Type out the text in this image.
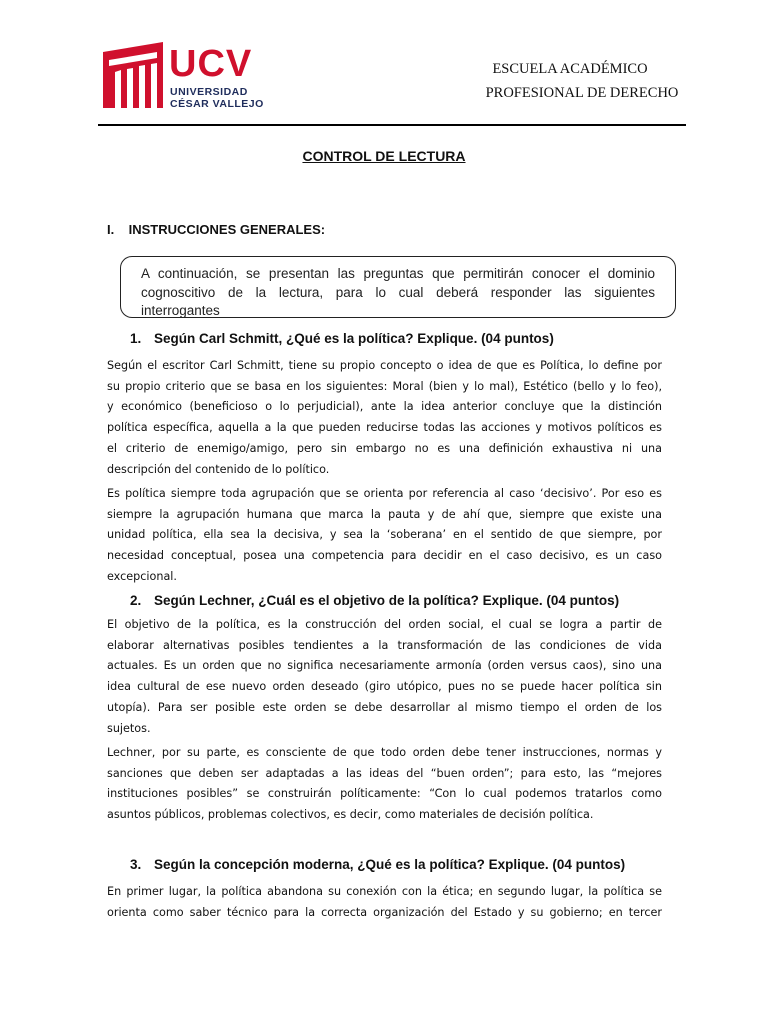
UCV
UNIVERSIDAD
CÉSAR VALLEJO
ESCUELA ACADÉMICO
PROFESIONAL DE DERECHO
CONTROL DE LECTURA
I. INSTRUCCIONES GENERALES:

A continuación, se presentan las preguntas que permitirán conocer el dominio

cognoscitivo de la lectura, para lo cual deberá responder las siguientes

interrogantes

1. Según Carl Schmitt, ¿Qué es la política? Explique. (04 puntos)
Según el escritor Carl Schmitt, tiene su propio concepto o idea de que es Política, lo define por
su propio criterio que se basa en los siguientes: Moral (bien y lo mal), Estético (bello y lo feo),
y económico (beneficioso o lo perjudicial), ante la idea anterior concluye que la distinción
política específica, aquella a la que pueden reducirse todas las acciones y motivos políticos es
el criterio de enemigo/amigo, pero sin embargo no es una definición exhaustiva ni una
descripción del contenido de lo político.
Es política siempre toda agrupación que se orienta por referencia al caso ‘decisivo’. Por eso es
siempre la agrupación humana que marca la pauta y de ahí que, siempre que existe una
unidad política, ella sea la decisiva, y sea la ‘soberana’ en el sentido de que siempre, por
necesidad conceptual, posea una competencia para decidir en el caso decisivo, es un caso
excepcional.
2. Según Lechner, ¿Cuál es el objetivo de la política? Explique. (04 puntos)
El objetivo de la política, es la construcción del orden social, el cual se logra a partir de
elaborar alternativas posibles tendientes a la transformación de las condiciones de vida
actuales. Es un orden que no significa necesariamente armonía (orden versus caos), sino una
idea cultural de ese nuevo orden deseado (giro utópico, pues no se puede hacer política sin
utopía). Para ser posible este orden se debe desarrollar al mismo tiempo el orden de los
sujetos.
Lechner, por su parte, es consciente de que todo orden debe tener instrucciones, normas y
sanciones que deben ser adaptadas a las ideas del “buen orden”; para esto, las “mejores
instituciones posibles” se construirán políticamente: “Con lo cual podemos tratarlos como
asuntos públicos, problemas colectivos, es decir, como materiales de decisión política.
3. Según la concepción moderna, ¿Qué es la política? Explique. (04 puntos)
En primer lugar, la política abandona su conexión con la ética; en segundo lugar, la política se
orienta como saber técnico para la correcta organización del Estado y su gobierno; en tercer
